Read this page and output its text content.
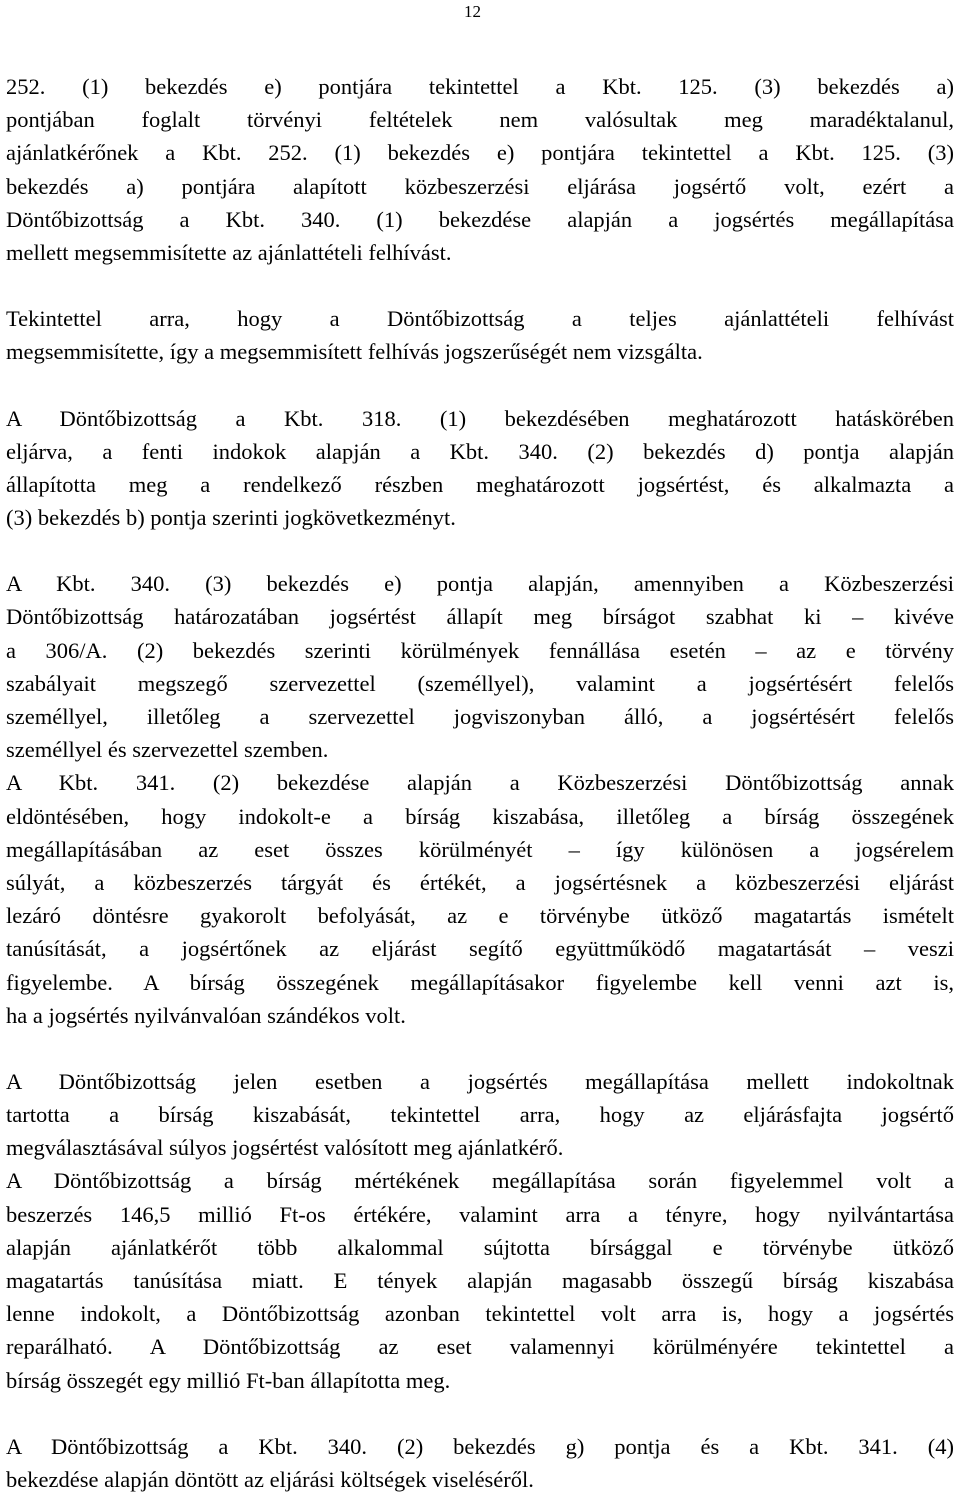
12
252. (1) bekezdés e) pontjára tekintettel a Kbt. 125. (3) bekezdés a)
pontjában foglalt törvényi feltételek nem valósultak meg maradéktalanul,
ajánlatkérőnek a Kbt. 252. (1) bekezdés e) pontjára tekintettel a Kbt. 125. (3)
bekezdés a) pontjára alapított közbeszerzési eljárása jogsértő volt, ezért a
Döntőbizottság a Kbt. 340. (1) bekezdése alapján a jogsértés megállapítása
mellett megsemmisítette az ajánlattételi felhívást.
Tekintettel arra, hogy a Döntőbizottság a teljes ajánlattételi felhívást
megsemmisítette, így a megsemmisített felhívás jogszerűségét nem vizsgálta.
A Döntőbizottság a Kbt. 318. (1) bekezdésében meghatározott hatáskörében
eljárva, a fenti indokok alapján a Kbt. 340. (2) bekezdés d) pontja alapján
állapította meg a rendelkező részben meghatározott jogsértést, és alkalmazta a
(3) bekezdés b) pontja szerinti jogkövetkezményt.
A Kbt. 340. (3) bekezdés e) pontja alapján, amennyiben a Közbeszerzési
Döntőbizottság határozatában jogsértést állapít meg bírságot szabhat ki – kivéve
a 306/A. (2) bekezdés szerinti körülmények fennállása esetén – az e törvény
szabályait megszegő szervezettel (személlyel), valamint a jogsértésért felelős
személlyel, illetőleg a szervezettel jogviszonyban álló, a jogsértésért felelős
személlyel és szervezettel szemben.
A Kbt. 341. (2) bekezdése alapján a Közbeszerzési Döntőbizottság annak
eldöntésében, hogy indokolt-e a bírság kiszabása, illetőleg a bírság összegének
megállapításában az eset összes körülményét – így különösen a jogsérelem
súlyát, a közbeszerzés tárgyát és értékét, a jogsértésnek a közbeszerzési eljárást
lezáró döntésre gyakorolt befolyását, az e törvénybe ütköző magatartás ismételt
tanúsítását, a jogsértőnek az eljárást segítő együttműködő magatartását – veszi
figyelembe. A bírság összegének megállapításakor figyelembe kell venni azt is,
ha a jogsértés nyilvánvalóan szándékos volt.
A Döntőbizottság jelen esetben a jogsértés megállapítása mellett indokoltnak
tartotta a bírság kiszabását, tekintettel arra, hogy az eljárásfajta jogsértő
megválasztásával súlyos jogsértést valósított meg ajánlatkérő.
A Döntőbizottság a bírság mértékének megállapítása során figyelemmel volt a
beszerzés 146,5 millió Ft-os értékére, valamint arra a tényre, hogy nyilvántartása
alapján ajánlatkérőt több alkalommal sújtotta bírsággal e törvénybe ütköző
magatartás tanúsítása miatt. E tények alapján magasabb összegű bírság kiszabása
lenne indokolt, a Döntőbizottság azonban tekintettel volt arra is, hogy a jogsértés
reparálható. A Döntőbizottság az eset valamennyi körülményére tekintettel a
bírság összegét egy millió Ft-ban állapította meg.
A Döntőbizottság a Kbt. 340. (2) bekezdés g) pontja és a Kbt. 341. (4)
bekezdése alapján döntött az eljárási költségek viseléséről.
